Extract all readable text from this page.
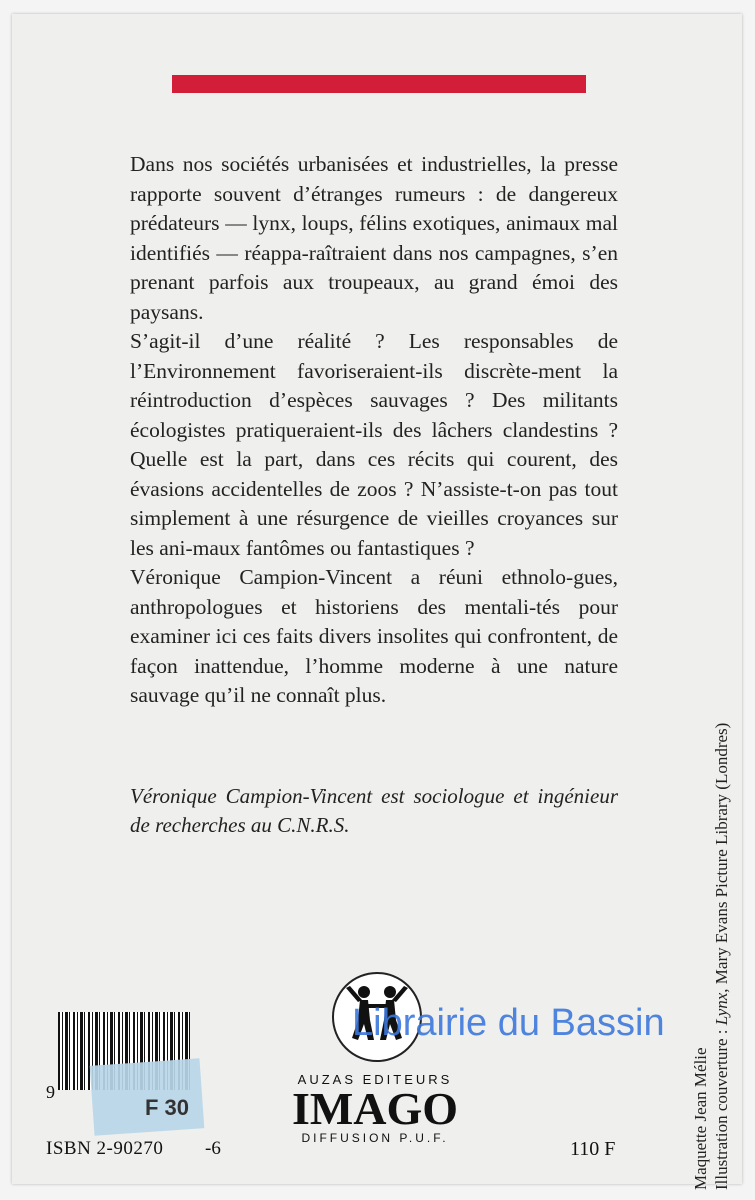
Dans nos sociétés urbanisées et industrielles, la presse rapporte souvent d’étranges rumeurs : de dangereux prédateurs — lynx, loups, félins exotiques, animaux mal identifiés — réappa-raîtraient dans nos campagnes, s’en prenant parfois aux troupeaux, au grand émoi des paysans.

S’agit-il d’une réalité ? Les responsables de l’Environnement favoriseraient-ils discrète-ment la réintroduction d’espèces sauvages ? Des militants écologistes pratiqueraient-ils des lâchers clandestins ? Quelle est la part, dans ces récits qui courent, des évasions accidentelles de zoos ? N’assiste-t-on pas tout simplement à une résurgence de vieilles croyances sur les ani-maux fantômes ou fantastiques ?

Véronique Campion-Vincent a réuni ethnolo-gues, anthropologues et historiens des mentali-tés pour examiner ici ces faits divers insolites qui confrontent, de façon inattendue, l’homme moderne à une nature sauvage qu’il ne connaît plus.

Véronique Campion-Vincent est sociologue et ingénieur de recherches au C.N.R.S.
Maquette Jean Mélie Illustration couverture : Lynx, Mary Evans Picture Library (Londres)
F 30
9
ISBN 2-90270 -6
Librairie du Bassin
AUZAS EDITEURS
IMAGO
DIFFUSION P.U.F.	110 F
